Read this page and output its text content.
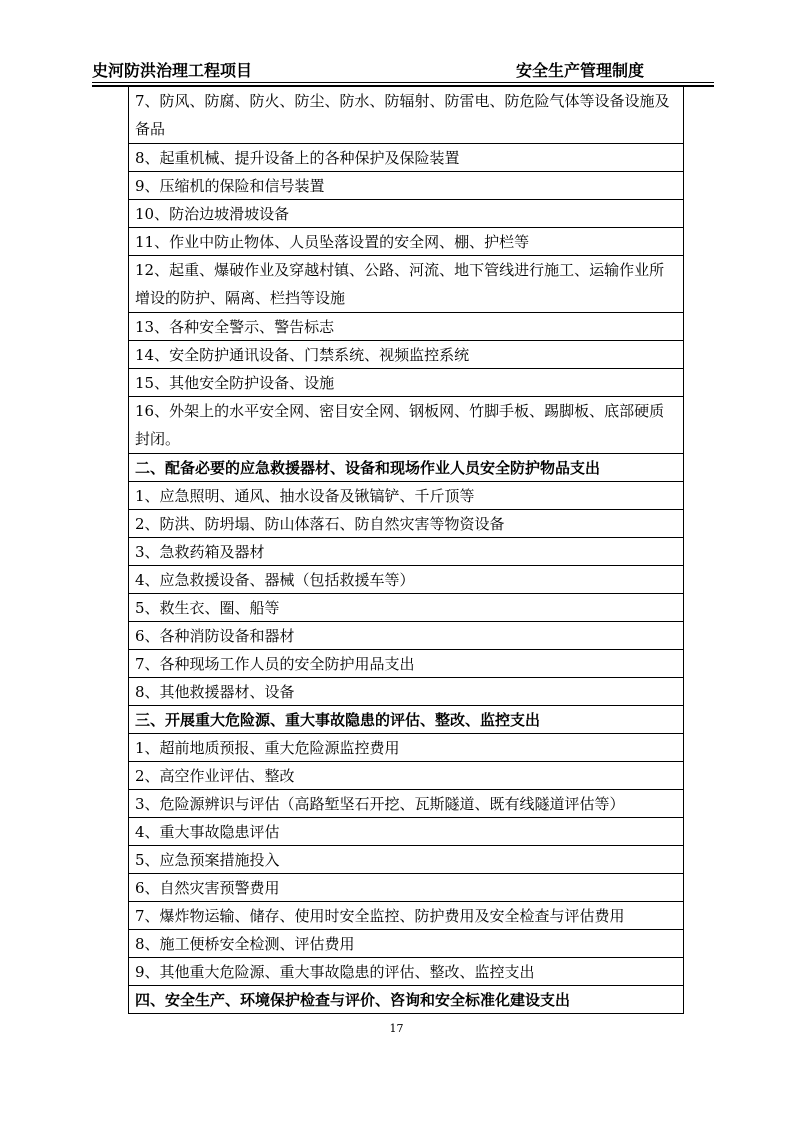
史河防洪治理工程项目	安全生产管理制度
7、防风、防腐、防火、防尘、防水、防辐射、防雷电、防危险气体等设备设施及备品
8、起重机械、提升设备上的各种保护及保险装置
9、压缩机的保险和信号装置
10、防治边坡滑坡设备
11、作业中防止物体、人员坠落设置的安全网、棚、护栏等
12、起重、爆破作业及穿越村镇、公路、河流、地下管线进行施工、运输作业所增设的防护、隔离、栏挡等设施
13、各种安全警示、警告标志
14、安全防护通讯设备、门禁系统、视频监控系统
15、其他安全防护设备、设施
16、外架上的水平安全网、密目安全网、钢板网、竹脚手板、踢脚板、底部硬质封闭。
二、配备必要的应急救援器材、设备和现场作业人员安全防护物品支出
1、应急照明、通风、抽水设备及锹镐铲、千斤顶等
2、防洪、防坍塌、防山体落石、防自然灾害等物资设备
3、急救药箱及器材
4、应急救援设备、器械（包括救援车等）
5、救生衣、圈、船等
6、各种消防设备和器材
7、各种现场工作人员的安全防护用品支出
8、其他救援器材、设备
三、开展重大危险源、重大事故隐患的评估、整改、监控支出
1、超前地质预报、重大危险源监控费用
2、高空作业评估、整改
3、危险源辨识与评估（高路堑坚石开挖、瓦斯隧道、既有线隧道评估等）
4、重大事故隐患评估
5、应急预案措施投入
6、自然灾害预警费用
7、爆炸物运输、储存、使用时安全监控、防护费用及安全检查与评估费用
8、施工便桥安全检测、评估费用
9、其他重大危险源、重大事故隐患的评估、整改、监控支出
四、安全生产、环境保护检查与评价、咨询和安全标准化建设支出
17
